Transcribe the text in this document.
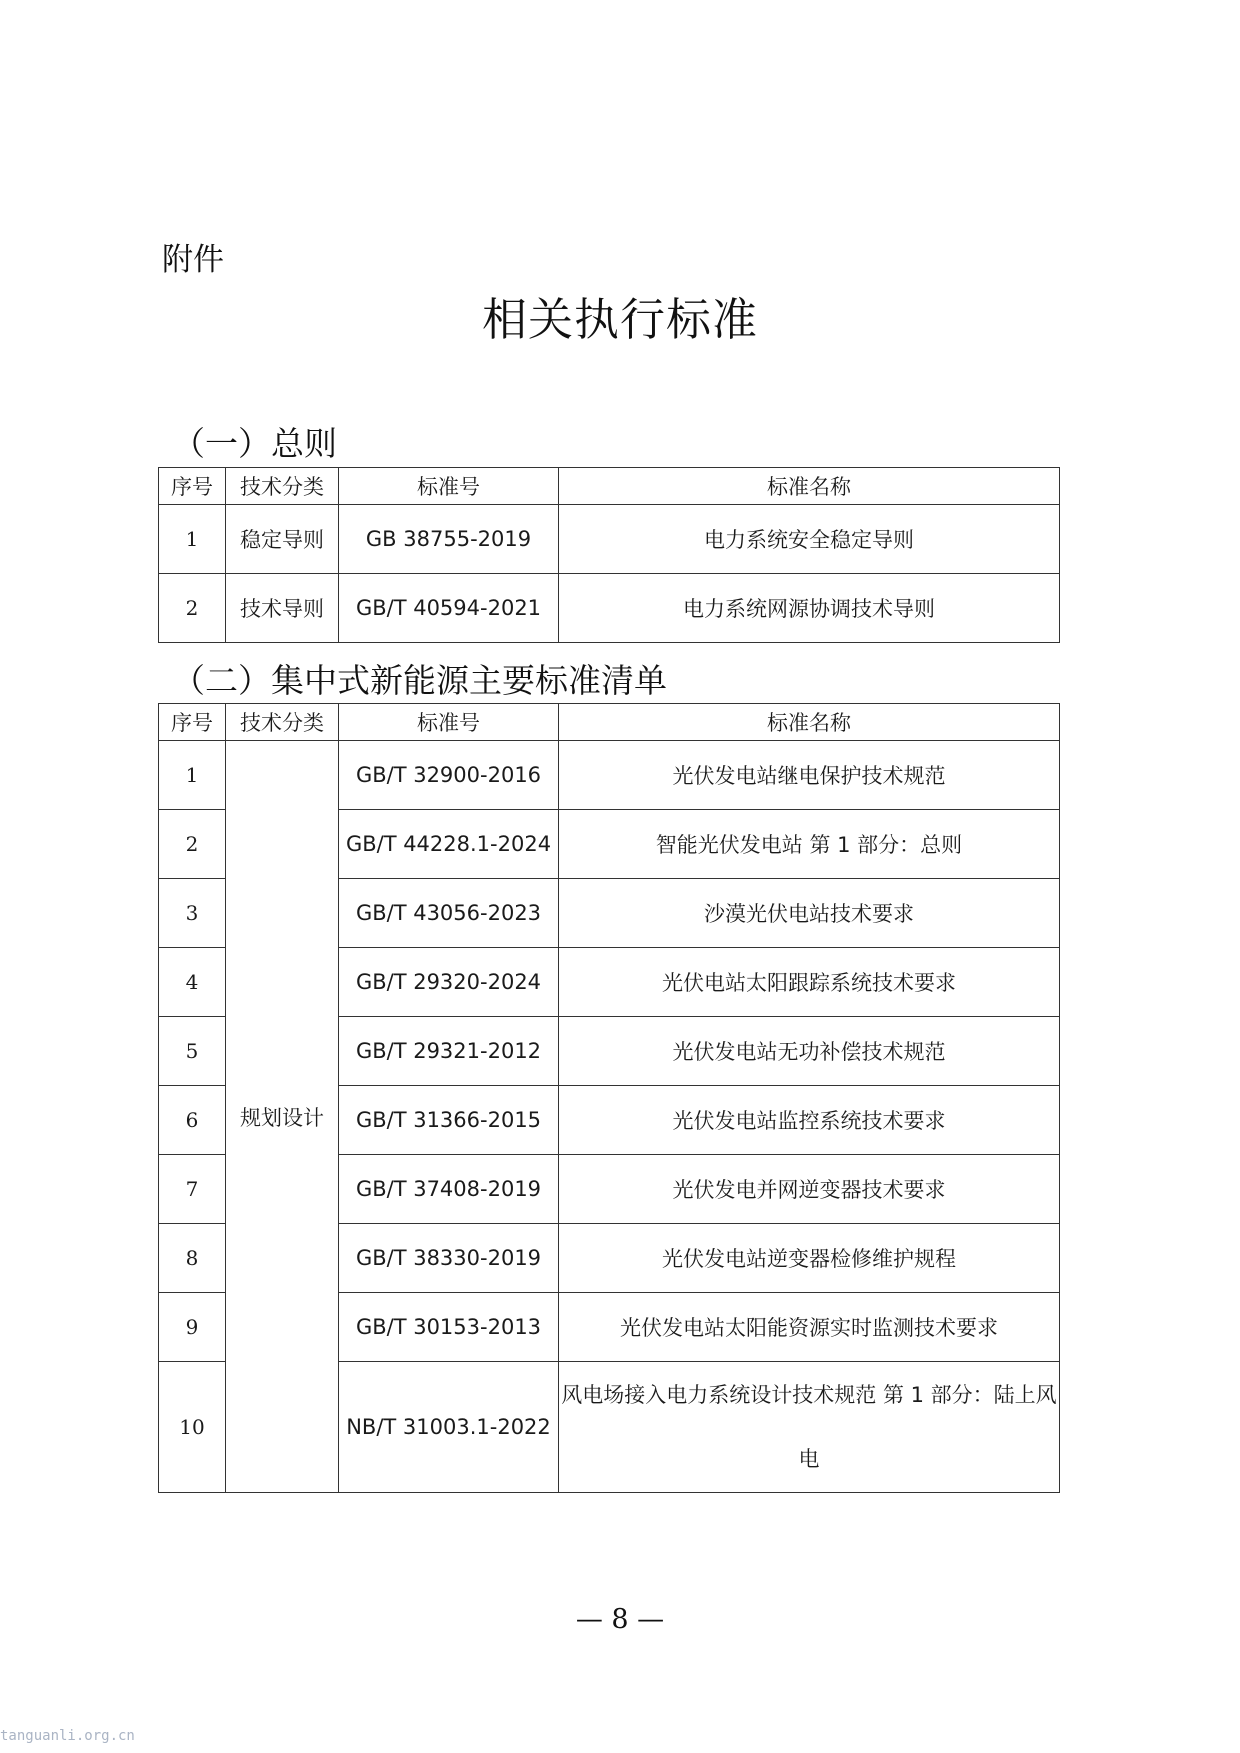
附件
相关执行标准
（一）总则
序号	技术分类	标准号	标准名称
1	稳定导则	GB 38755-2019	电力系统安全稳定导则
2	技术导则	GB/T 40594-2021	电力系统网源协调技术导则
（二）集中式新能源主要标准清单
序号	技术分类	标准号	标准名称
1	规划设计	GB/T 32900-2016	光伏发电站继电保护技术规范
2		GB/T 44228.1-2024	智能光伏发电站 第 1 部分：总则
3		GB/T 43056-2023	沙漠光伏电站技术要求
4		GB/T 29320-2024	光伏电站太阳跟踪系统技术要求
5		GB/T 29321-2012	光伏发电站无功补偿技术规范
6		GB/T 31366-2015	光伏发电站监控系统技术要求
7		GB/T 37408-2019	光伏发电并网逆变器技术要求
8		GB/T 38330-2019	光伏发电站逆变器检修维护规程
9		GB/T 30153-2013	光伏发电站太阳能资源实时监测技术要求
10		NB/T 31003.1-2022	风电场接入电力系统设计技术规范 第 1 部分：陆上风电
— 8 —
tanguanli.org.cn
